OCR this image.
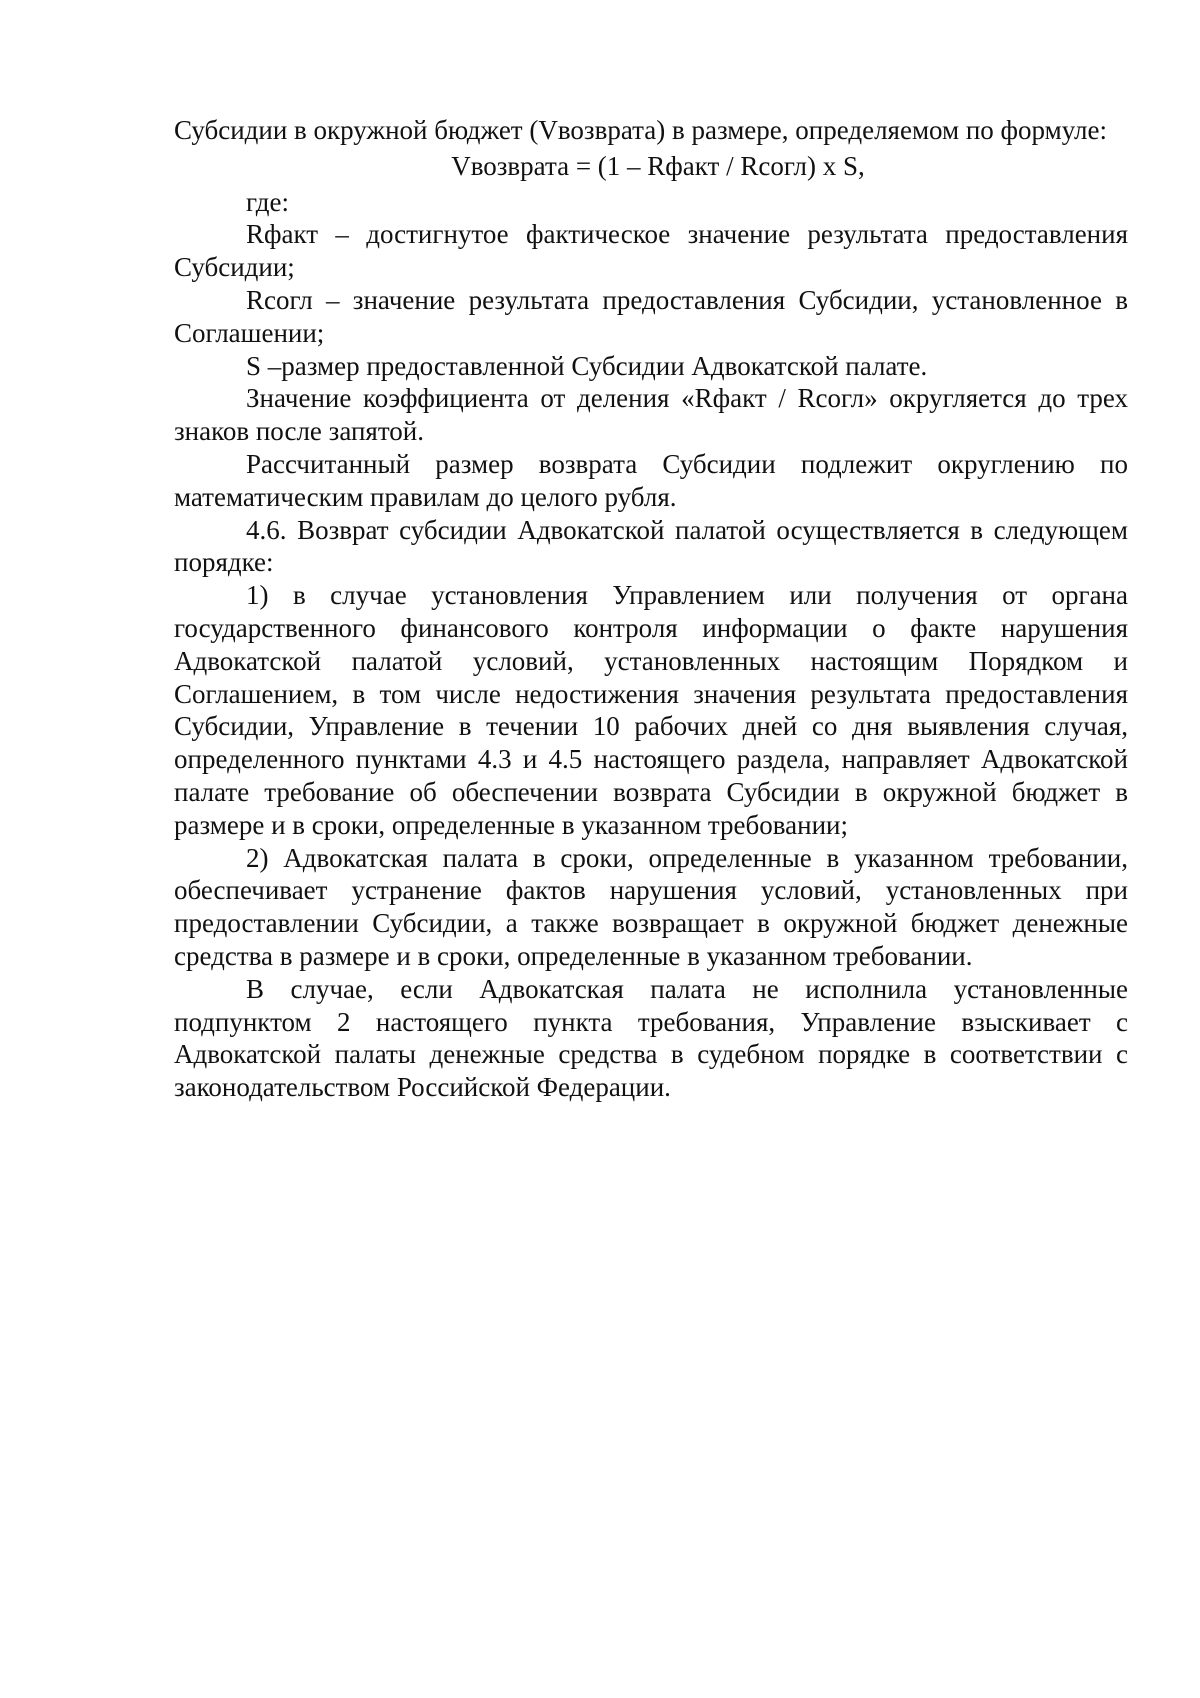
Субсидии в окружной бюджет (Vвозврата) в размере, определяемом по формуле:

Vвозврата = (1 – Rфакт / Rсогл) x S,

где:

Rфакт – достигнутое фактическое значение результата предоставления Субсидии;

Rсогл – значение результата предоставления Субсидии, установленное в Соглашении;

S –размер предоставленной Субсидии Адвокатской палате.

Значение коэффициента от деления «Rфакт / Rсогл» округляется до трех знаков после запятой.

Рассчитанный размер возврата Субсидии подлежит округлению по математическим правилам до целого рубля.

4.6. Возврат субсидии Адвокатской палатой осуществляется в следующем порядке:

1) в случае установления Управлением или получения от органа государственного финансового контроля информации о факте нарушения Адвокатской палатой условий, установленных настоящим Порядком и Соглашением, в том числе недостижения значения результата предоставления Субсидии, Управление в течении 10 рабочих дней со дня выявления случая, определенного пунктами 4.3 и 4.5 настоящего раздела, направляет Адвокатской палате требование об обеспечении возврата Субсидии в окружной бюджет в размере и в сроки, определенные в указанном требовании;

2) Адвокатская палата в сроки, определенные в указанном требовании, обеспечивает устранение фактов нарушения условий, установленных при предоставлении Субсидии, а также возвращает в окружной бюджет денежные средства в размере и в сроки, определенные в указанном требовании.

В случае, если Адвокатская палата не исполнила установленные подпунктом 2 настоящего пункта требования, Управление взыскивает с Адвокатской палаты денежные средства в судебном порядке в соответствии с законодательством Российской Федерации.
